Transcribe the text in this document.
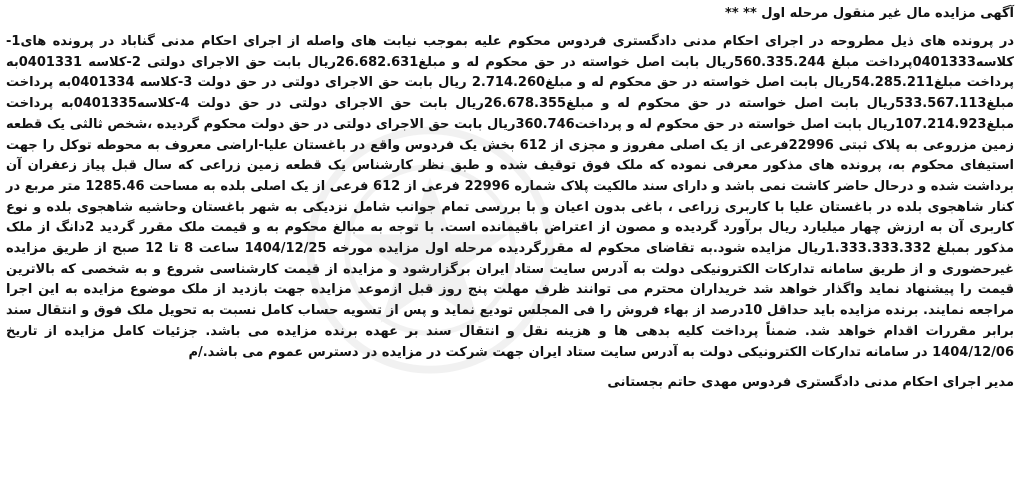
آگهی مزایده مال غیر منقول مرحله اول ** **
در پرونده های ذیل مطروحه در اجرای احکام مدنی دادگستری فردوس محکوم علیه بموجب نیابت های واصله از اجرای احکام مدنی گناباد در پرونده های1-کلاسه0401333پرداخت مبلغ 560.335.244ریال بابت اصل خواسته در حق محکوم له و مبلغ26.682.631ریال بابت حق الاجرای دولتی 2-کلاسه 0401331به پرداخت مبلغ54.285.211ریال بابت اصل خواسته در حق محکوم له و مبلغ2.714.260 ریال بابت حق الاجرای دولتی در حق دولت 3-کلاسه 0401334به پرداخت مبلغ533.567.113ریال بابت اصل خواسته در حق محکوم له و مبلغ26.678.355ریال بابت حق الاجرای دولتی در حق دولت 4-کلاسه0401335به پرداخت مبلغ107.214.923ریال بابت اصل خواسته در حق محکوم له و پرداخت360.746ریال بابت حق الاجرای دولتی در حق دولت محکوم گردیده ،شخص ثالثی یک قطعه زمین مزروعی به پلاک ثبتی 22996فرعی از یک اصلی مفروز و مجزی از 612 بخش یک فردوس واقع در باغستان علیا-اراضی معروف به محوطه توکل را جهت استیفای محکوم به، پرونده های مذکور معرفی نموده که ملک فوق توقیف شده و طبق نظر کارشناس یک قطعه زمین زراعی که سال قبل پیاز زعفران آن برداشت شده و درحال حاضر کاشت نمی باشد و دارای سند مالکیت پلاک شماره 22996 فرعی از 612 فرعی از یک اصلی بلده به مساحت 1285.46 متر مربع در کنار شاهجوی بلده در باغستان علیا با کاربری زراعی ، باغی بدون اعیان و با بررسی تمام جوانب شامل نزدیکی به شهر باغستان وحاشیه شاهجوی بلده و نوع کاربری آن به ارزش چهار میلیارد ریال برآورد گردیده و مصون از اعتراض باقیمانده است. با توجه به مبالغ محکوم به و قیمت ملک مقرر گردید 2دانگ از ملک مذکور بمبلغ 1.333.333.332ریال مزایده شود.به تقاضای محکوم له مقررگردیده مرحله اول مزایده مورخه 1404/12/25 ساعت 8 تا 12 صبح از طریق مزایده غیرحضوری و از طریق سامانه تدارکات الکترونیکی دولت به آدرس سایت ستاد ایران برگزارشود و مزایده از قیمت کارشناسی شروع و به شخصی که بالاترین قیمت را پیشنهاد نماید واگذار خواهد شد خریداران محترم می توانند ظرف مهلت پنج روز قبل ازموعد مزایده جهت بازدید از ملک موضوع مزایده به این اجرا مراجعه نمایند. برنده مزایده باید حداقل 10درصد از بهاء فروش را فی المجلس تودیع نماید و پس از تسویه حساب کامل نسبت به تحویل ملک فوق و انتقال سند برابر مقررات اقدام خواهد شد. ضمناً پرداخت کلیه بدهی ها و هزینه نقل و انتقال سند بر عهده برنده مزایده می باشد. جزئیات کامل مزایده از تاریخ 1404/12/06 در سامانه تدارکات الکترونیکی دولت به آدرس سایت ستاد ایران جهت شرکت در مزایده در دسترس عموم می باشد./م
مدیر اجرای احکام مدنی دادگستری فردوس مهدی حاتم بجستانی
